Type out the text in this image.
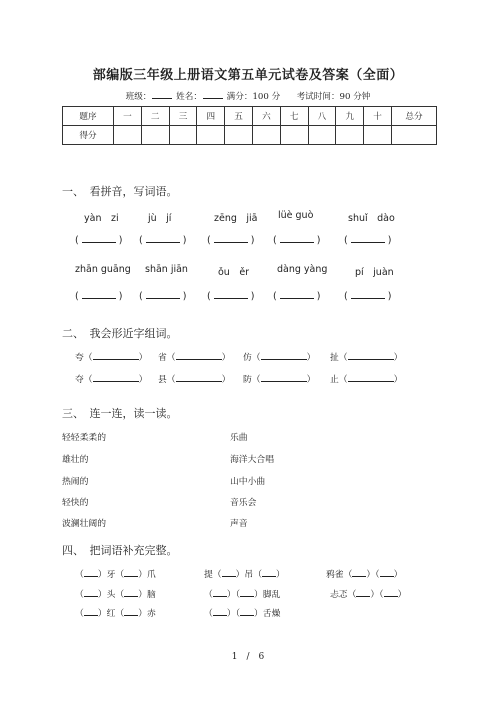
部编版三年级上册语文第五单元试卷及答案（全面）
班级：	姓名：	满分：100 分 考试时间：90 分钟
题序	一	二	三	四	五	六	七	八	九	十	总分
得分											
一、　看拼音，写词语。
yàn　zi	jù　jí	zēng　jiā lüè guò	shuǐ　dào
(	) (	) (	) (	) (	)
zhān guāng shān jiān	ǒu　ěr	dàng yàng	pí　juàn
(	) (	) (	) (	) (	)
二、　我会形近字组词。
夸（	） 省（	） 仿（	） 扯（	）
夺（	） 县（	） 防（	） 止（	）
三、　连一连，读一读。
轻轻柔柔的
雄壮的
热闹的
轻快的
波澜壮阔的
乐曲
海洋大合唱
山中小曲
音乐会
声音
四、　把词语补充完整。
（ ）牙（ ）爪	提（ ）吊（ ）	鸦雀（ ）（ ）
（ ）头（ ）脑	（ ）（ ）脚乱	忐忑（ ）（ ）
（ ）红（ ）赤	（ ）（ ）舌燥
1　/　6
